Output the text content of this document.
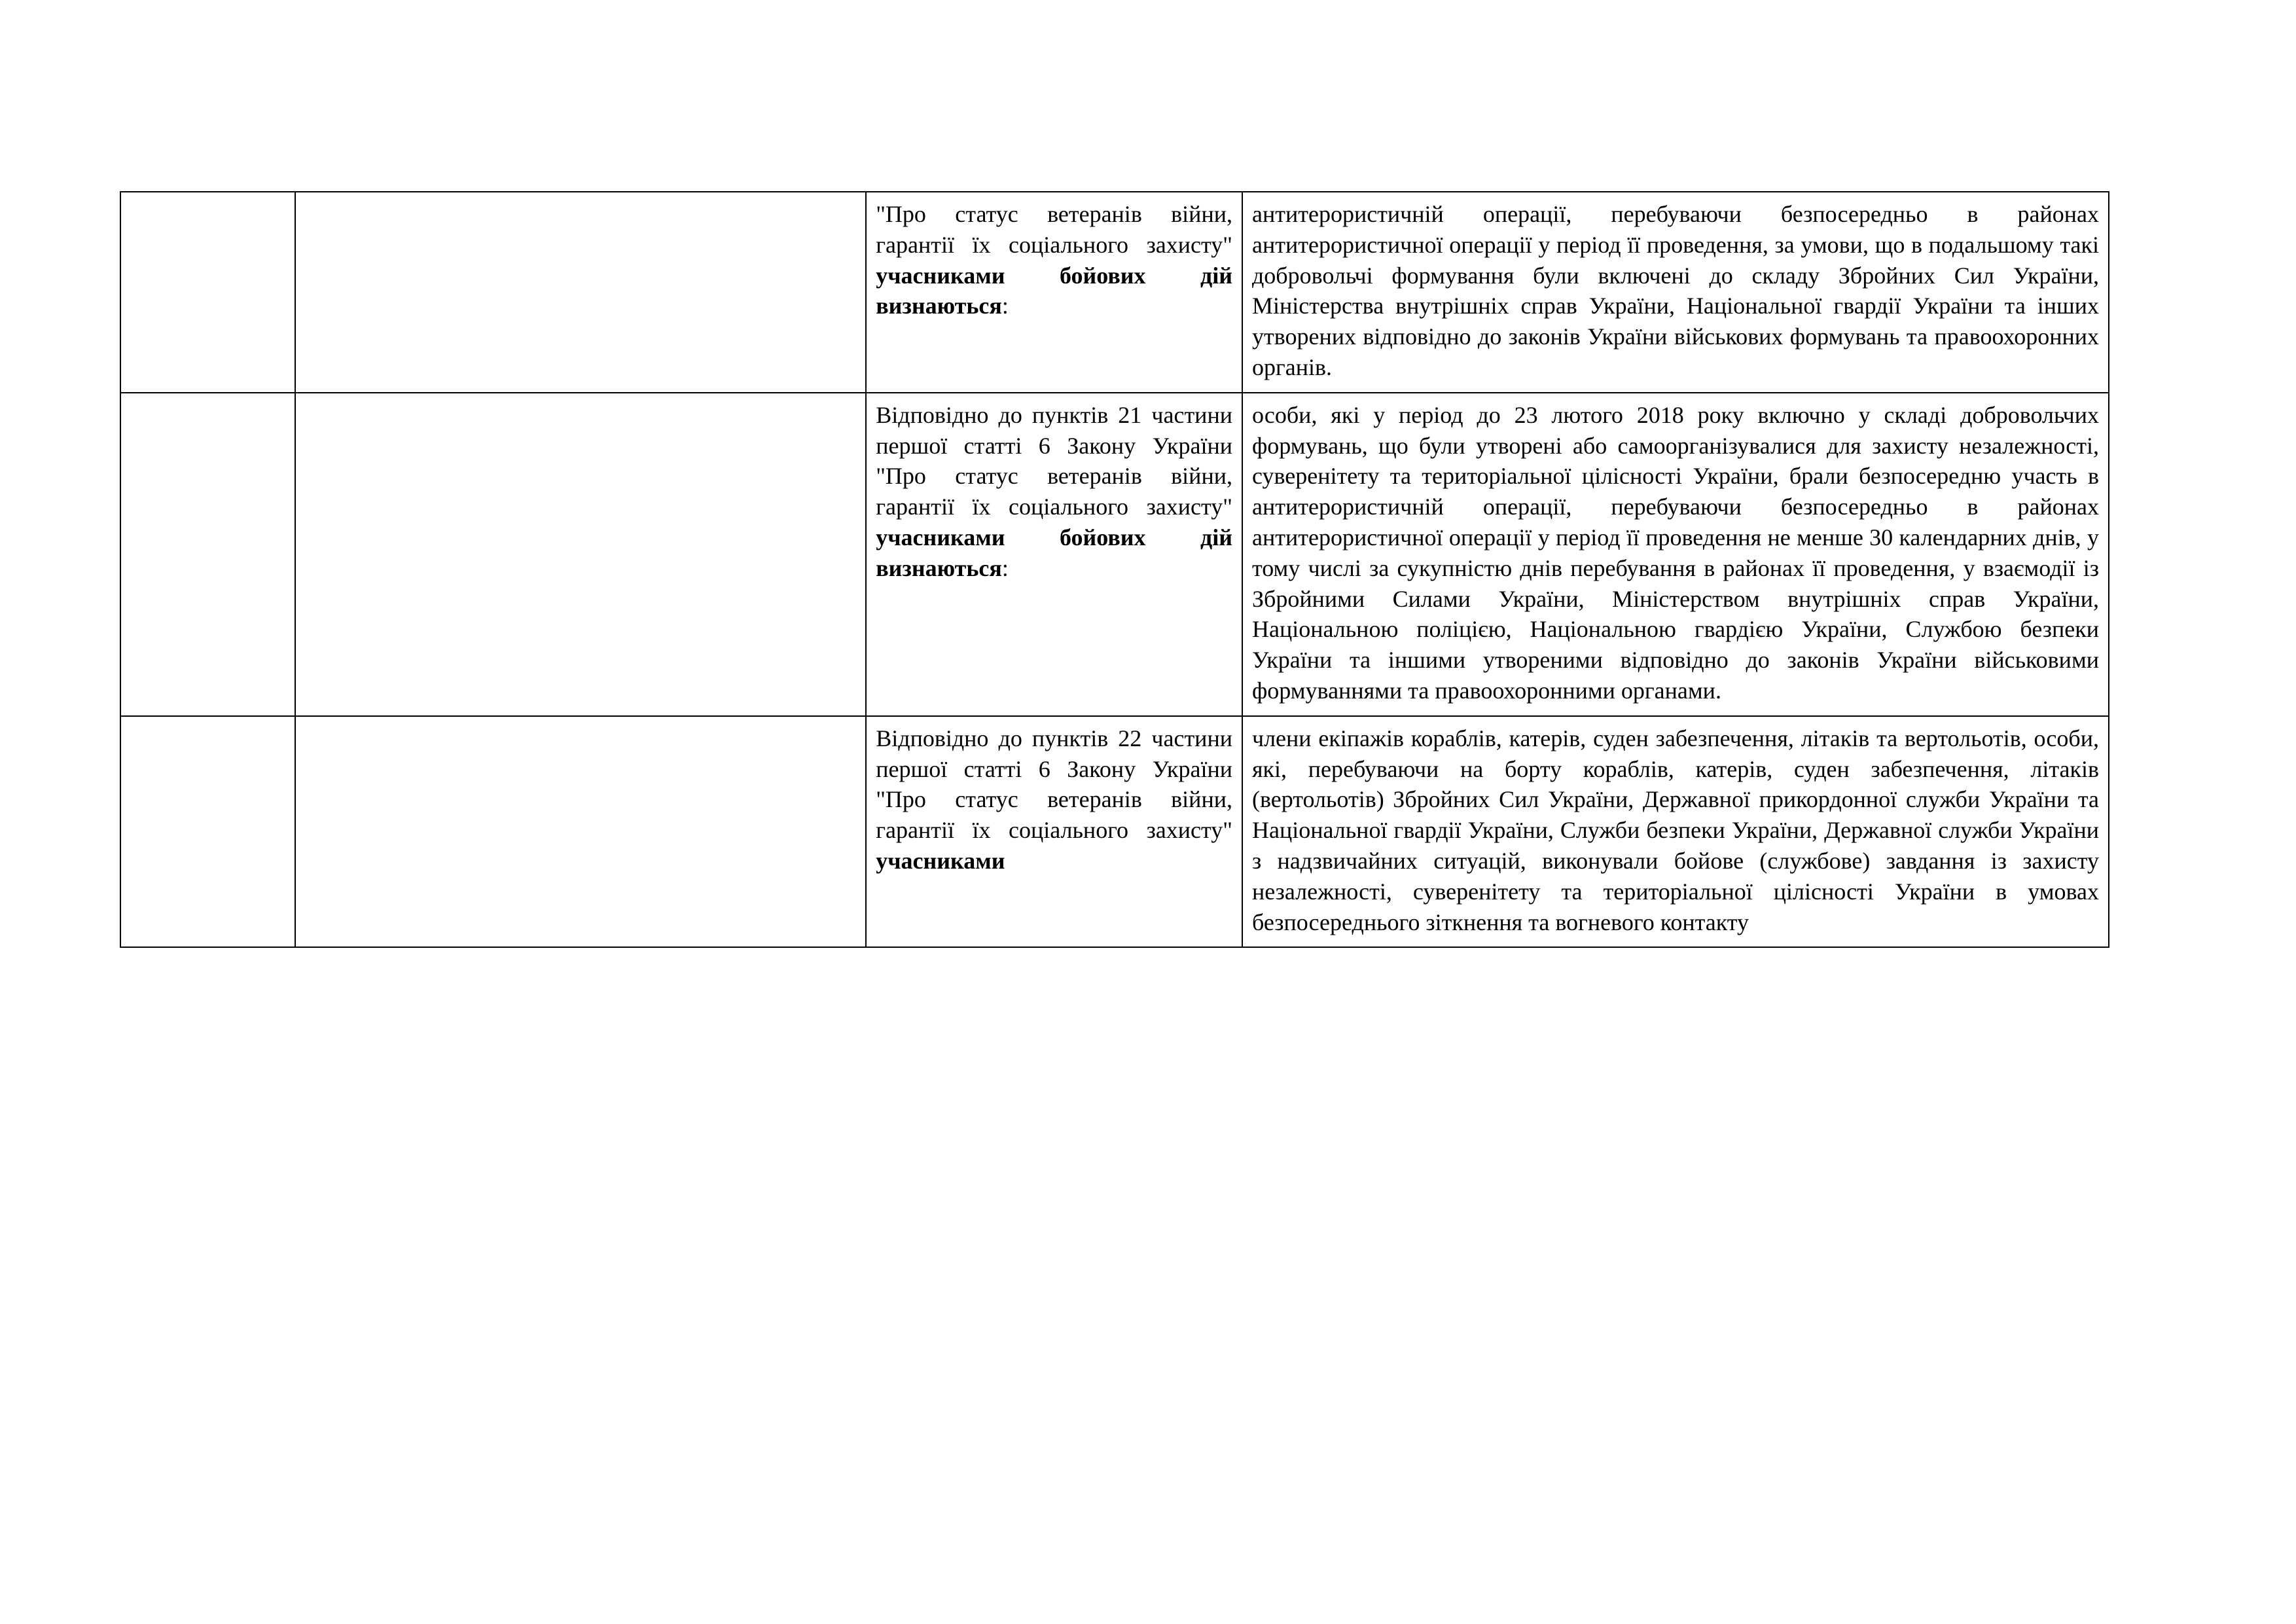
		"Про статус ветеранів війни, гарантії їх соціального захисту" учасниками бойових дій визнаються:	антитерористичній операції, перебуваючи безпосередньо в районах антитерористичної операції у період її проведення, за умови, що в подальшому такі добровольчі формування були включені до складу Збройних Сил України, Міністерства внутрішніх справ України, Національної гвардії України та інших утворених відповідно до законів України військових формувань та правоохоронних органів.

		Відповідно до пунктів 21 частини першої статті 6 Закону України "Про статус ветеранів війни, гарантії їх соціального захисту" учасниками бойових дій визнаються:	особи, які у період до 23 лютого 2018 року включно у складі добровольчих формувань, що були утворені або самоорганізувалися для захисту незалежності, суверенітету та територіальної цілісності України, брали безпосередню участь в антитерористичній операції, перебуваючи безпосередньо в районах антитерористичної операції у період її проведення не менше 30 календарних днів, у тому числі за сукупністю днів перебування в районах її проведення, у взаємодії із Збройними Силами України, Міністерством внутрішніх справ України, Національною поліцією, Національною гвардією України, Службою безпеки України та іншими утвореними відповідно до законів України військовими формуваннями та правоохоронними органами.

		Відповідно до пунктів 22 частини першої статті 6 Закону України "Про статус ветеранів війни, гарантії їх соціального захисту" учасниками	члени екіпажів кораблів, катерів, суден забезпечення, літаків та вертольотів, особи, які, перебуваючи на борту кораблів, катерів, суден забезпечення, літаків (вертольотів) Збройних Сил України, Державної прикордонної служби України та Національної гвардії України, Служби безпеки України, Державної служби України з надзвичайних ситуацій, виконували бойове (службове) завдання із захисту незалежності, суверенітету та територіальної цілісності України в умовах безпосереднього зіткнення та вогневого контакту
